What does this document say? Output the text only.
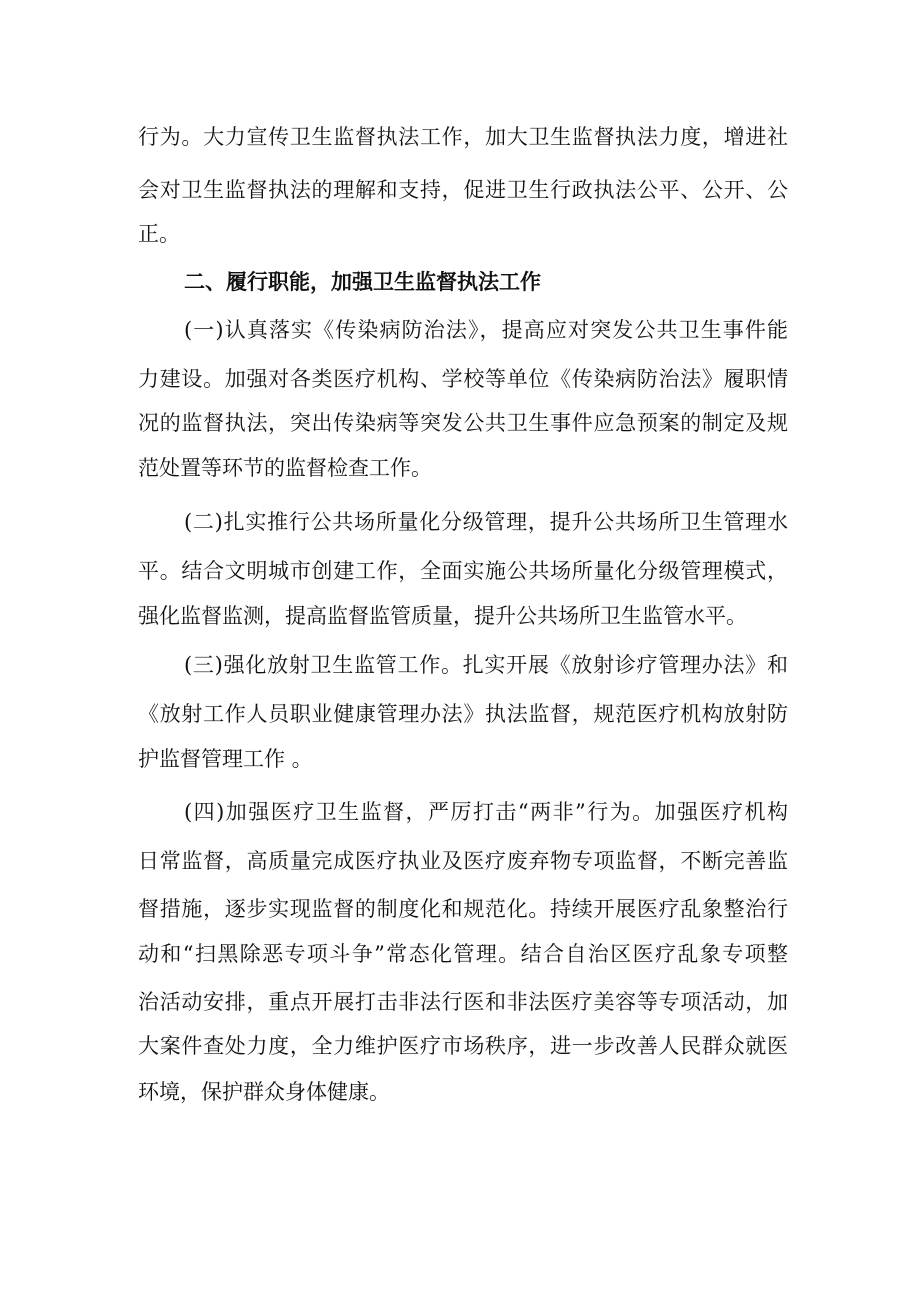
行为。大力宣传卫生监督执法工作，加大卫生监督执法力度，增进社
会对卫生监督执法的理解和支持，促进卫生行政执法公平、公开、公
正。
二、履行职能，加强卫生监督执法工作
(一)认真落实《传染病防治法》，提高应对突发公共卫生事件能
力建设。加强对各类医疗机构、学校等单位《传染病防治法》履职情
况的监督执法，突出传染病等突发公共卫生事件应急预案的制定及规
范处置等环节的监督检查工作。
(二)扎实推行公共场所量化分级管理，提升公共场所卫生管理水
平。结合文明城市创建工作，全面实施公共场所量化分级管理模式，
强化监督监测，提高监督监管质量，提升公共场所卫生监管水平。
(三)强化放射卫生监管工作。扎实开展《放射诊疗管理办法》和
《放射工作人员职业健康管理办法》执法监督，规范医疗机构放射防
护监督管理工作 。
(四)加强医疗卫生监督，严厉打击“两非”行为。加强医疗机构
日常监督，高质量完成医疗执业及医疗废弃物专项监督，不断完善监
督措施，逐步实现监督的制度化和规范化。持续开展医疗乱象整治行
动和“扫黑除恶专项斗争”常态化管理。结合自治区医疗乱象专项整
治活动安排，重点开展打击非法行医和非法医疗美容等专项活动，加
大案件查处力度，全力维护医疗市场秩序，进一步改善人民群众就医
环境，保护群众身体健康。
